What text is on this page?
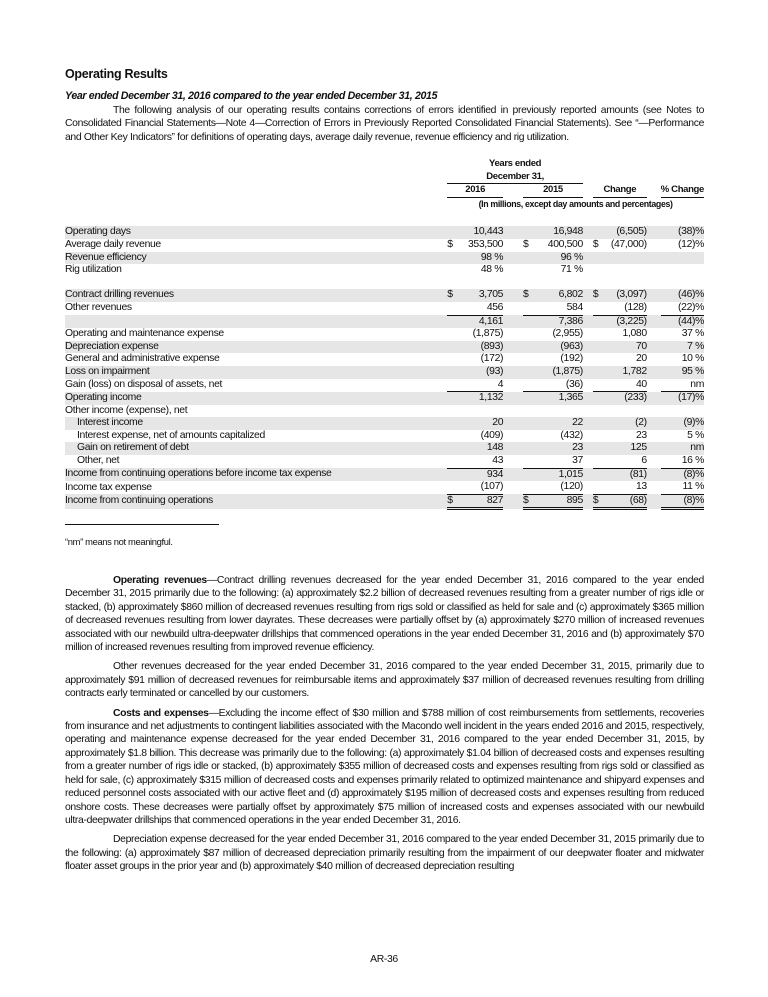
Operating Results
Year ended December 31, 2016 compared to the year ended December 31, 2015

The following analysis of our operating results contains corrections of errors identified in previously reported amounts (see Notes to Consolidated Financial Statements—Note 4—Correction of Errors in Previously Reported Consolidated Financial Statements). See “—Performance and Other Key Indicators” for definitions of operating days, average daily revenue, revenue efficiency and rig utilization.

	Years ended									
	December 31,									
	2016			2015			Change			% Change
	(In millions, except day amounts and percentages)									

Operating days		10,443			16,948			(6,505)		(38)%
Average daily revenue	$	353,500		$	400,500		$	(47,000)		(12)%
Revenue efficiency		98 %			96 %					
Rig utilization		48 %			71 %					

Contract drilling revenues	$	3,705		$	6,802		$	(3,097)		(46)%
Other revenues		456			584			(128)		(22)%
		4,161			7,386			(3,225)		(44)%
Operating and maintenance expense		(1,875)			(2,955)			1,080		37 %
Depreciation expense		(893)			(963)			70		7 %
General and administrative expense		(172)			(192)			20		10 %
Loss on impairment		(93)			(1,875)			1,782		95 %
Gain (loss) on disposal of assets, net		4			(36)			40		nm
Operating income		1,132			1,365			(233)		(17)%
Other income (expense), net										
Interest income		20			22			(2)		(9)%
Interest expense, net of amounts capitalized		(409)			(432)			23		5 %
Gain on retirement of debt		148			23			125		nm
Other, net		43			37			6		16 %
Income from continuing operations before income tax expense		934			1,015			(81)		(8)%
Income tax expense		(107)			(120)			13		11 %
Income from continuing operations	$	827		$	895		$	(68)		(8)%
“nm” means not meaningful.

Operating revenues—Contract drilling revenues decreased for the year ended December 31, 2016 compared to the year ended December 31, 2015 primarily due to the following: (a) approximately $2.2 billion of decreased revenues resulting from a greater number of rigs idle or stacked, (b) approximately $860 million of decreased revenues resulting from rigs sold or classified as held for sale and (c) approximately $365 million of decreased revenues resulting from lower dayrates. These decreases were partially offset by (a) approximately $270 million of increased revenues associated with our newbuild ultra-deepwater drillships that commenced operations in the year ended December 31, 2016 and (b) approximately $70 million of increased revenues resulting from improved revenue efficiency.

Other revenues decreased for the year ended December 31, 2016 compared to the year ended December 31, 2015, primarily due to approximately $91 million of decreased revenues for reimbursable items and approximately $37 million of decreased revenues resulting from drilling contracts early terminated or cancelled by our customers.

Costs and expenses—Excluding the income effect of $30 million and $788 million of cost reimbursements from settlements, recoveries from insurance and net adjustments to contingent liabilities associated with the Macondo well incident in the years ended 2016 and 2015, respectively, operating and maintenance expense decreased for the year ended December 31, 2016 compared to the year ended December 31, 2015, by approximately $1.8 billion. This decrease was primarily due to the following: (a) approximately $1.04 billion of decreased costs and expenses resulting from a greater number of rigs idle or stacked, (b) approximately $355 million of decreased costs and expenses resulting from rigs sold or classified as held for sale, (c) approximately $315 million of decreased costs and expenses primarily related to optimized maintenance and shipyard expenses and reduced personnel costs associated with our active fleet and (d) approximately $195 million of decreased costs and expenses resulting from reduced onshore costs. These decreases were partially offset by approximately $75 million of increased costs and expenses associated with our newbuild ultra-deepwater drillships that commenced operations in the year ended December 31, 2016.

Depreciation expense decreased for the year ended December 31, 2016 compared to the year ended December 31, 2015 primarily due to the following: (a) approximately $87 million of decreased depreciation primarily resulting from the impairment of our deepwater floater and midwater floater asset groups in the prior year and (b) approximately $40 million of decreased depreciation resulting

AR-36
